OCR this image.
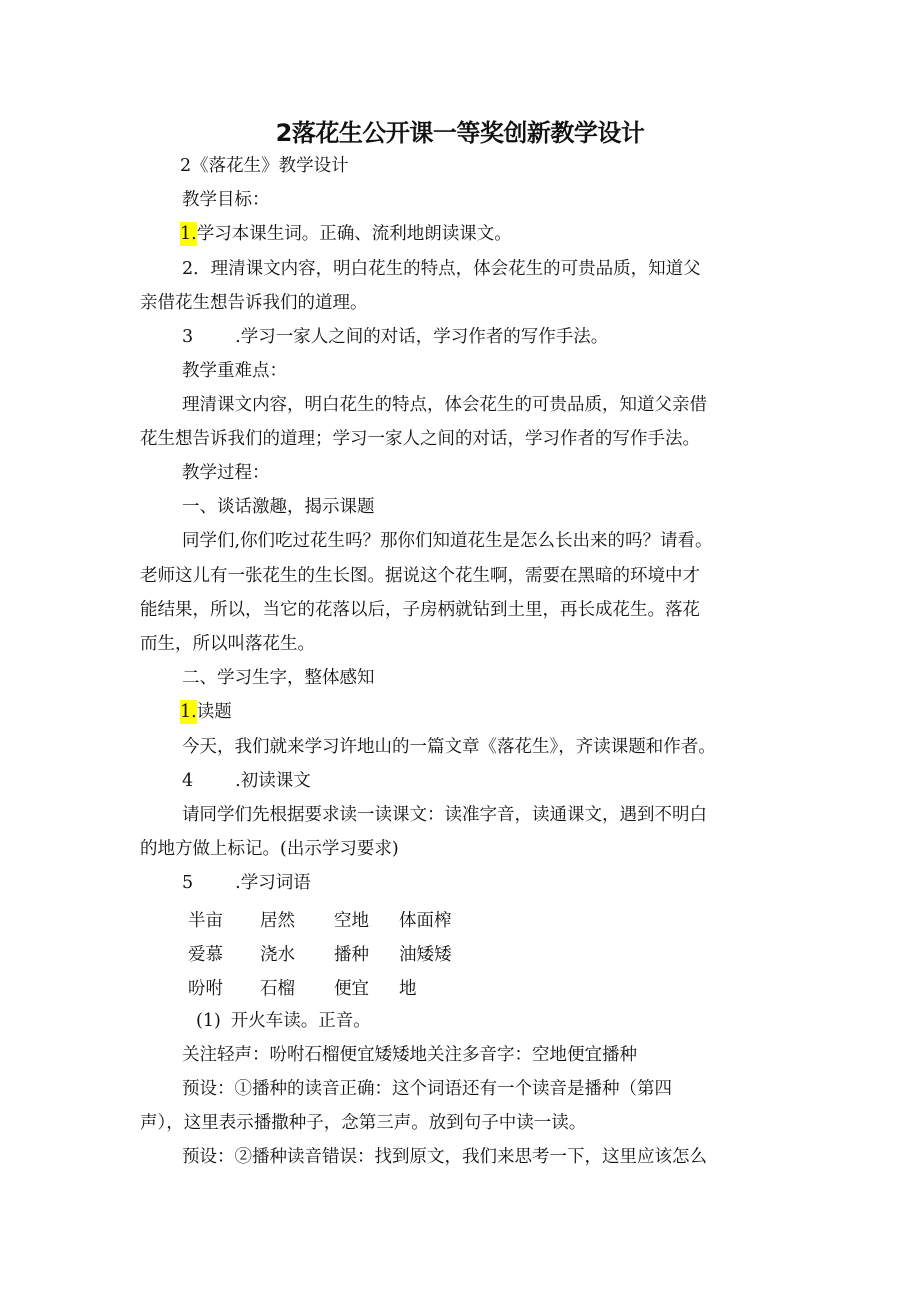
2落花生公开课一等奖创新教学设计
2《落花生》教学设计
教学目标：
1.学习本课生词。正确、流利地朗读课文。
2．理清课文内容，明白花生的特点，体会花生的可贵品质，知道父
亲借花生想告诉我们的道理。
3 .学习一家人之间的对话，学习作者的写作手法。
教学重难点：
理清课文内容，明白花生的特点，体会花生的可贵品质，知道父亲借
花生想告诉我们的道理；学习一家人之间的对话，学习作者的写作手法。
教学过程：
一、谈话激趣，揭示课题
同学们,你们吃过花生吗？那你们知道花生是怎么长出来的吗？请看。
老师这儿有一张花生的生长图。据说这个花生啊，需要在黑暗的环境中才
能结果，所以，当它的花落以后，子房柄就钻到土里，再长成花生。落花
而生，所以叫落花生。
二、学习生字，整体感知
1.读题
今天，我们就来学习许地山的一篇文章《落花生》，齐读课题和作者。
4 .初读课文
请同学们先根据要求读一读课文：读准字音，读通课文，遇到不明白
的地方做上标记。(出示学习要求)
5 .学习词语
半亩 居然 空地 体面榨
爱慕 浇水 播种 油矮矮
吩咐 石榴 便宜 地
(1) 开火车读。正音。
关注轻声：吩咐石榴便宜矮矮地关注多音字：空地便宜播种
预设：①播种的读音正确：这个词语还有一个读音是播种（第四
声），这里表示播撒种子，念第三声。放到句子中读一读。
预设：②播种读音错误：找到原文，我们来思考一下，这里应该怎么
